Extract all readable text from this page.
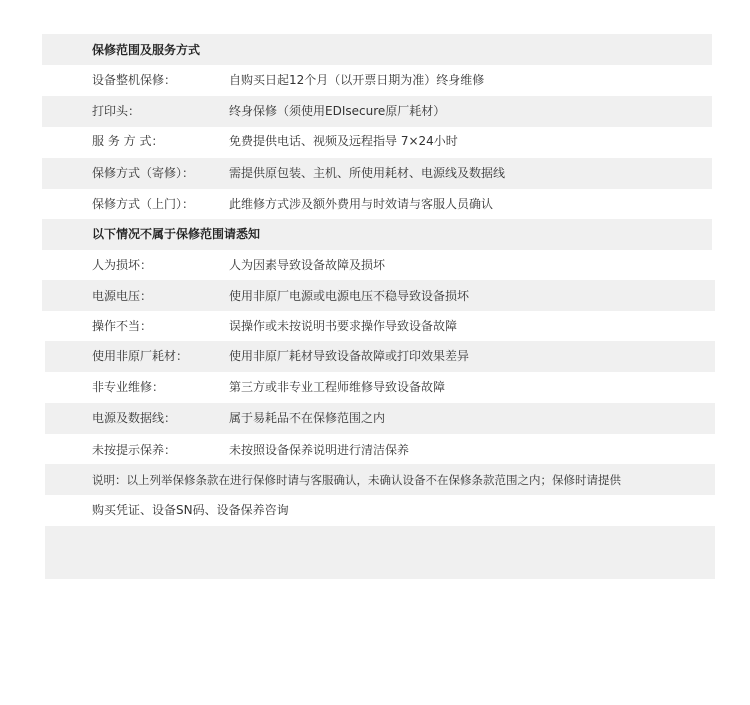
保修范围及服务方式
设备整机保修：	自购买日起12个月（以开票日期为准）终身维修
打印头：	终身保修（须使用EDIsecure原厂耗材）
服 务 方 式：	免费提供电话、视频及远程指导 7×24小时
保修方式（寄修）：	需提供原包装、主机、所使用耗材、电源线及数据线
保修方式（上门）：	此维修方式涉及额外费用与时效请与客服人员确认
以下情况不属于保修范围请悉知
人为损坏：	人为因素导致设备故障及损坏
电源电压：	使用非原厂电源或电源电压不稳导致设备损坏
操作不当：	误操作或未按说明书要求操作导致设备故障
使用非原厂耗材：	使用非原厂耗材导致设备故障或打印效果差异
非专业维修：	第三方或非专业工程师维修导致设备故障
电源及数据线：	属于易耗品不在保修范围之内
未按提示保养：	未按照设备保养说明进行清洁保养
说明：以上列举保修条款在进行保修时请与客服确认，未确认设备不在保修条款范围之内；保修时请提供
购买凭证、设备SN码、设备保养咨询
